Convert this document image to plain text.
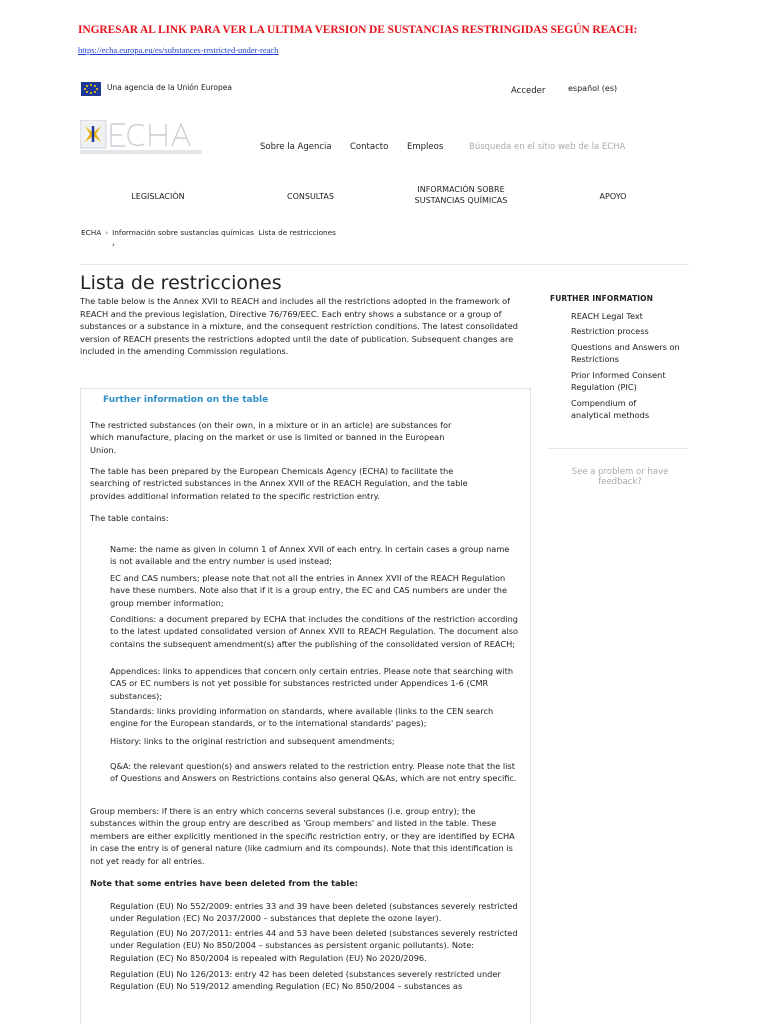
INGRESAR AL LINK PARA VER LA ULTIMA VERSION DE SUSTANCIAS RESTRINGIDAS SEGÚN REACH:
https://echa.europa.eu/es/substances-restricted-under-reach
Una agencia de la Unión Europea	Acceder	español (es)
Sobre la Agencia Contacto Empleos	Búsqueda en el sitio web de la ECHA
LEGISLACIÓN	CONSULTAS
INFORMACIÓN SOBRE SUSTANCIAS QUÍMICAS	APOYO
ECHA › Información sobre sustancias químicas Lista de restricciones
›
Lista de restricciones
The table below is the Annex XVII to REACH and includes all the restrictions adopted in the framework of REACH and the previous legislation, Directive 76/769/EEC. Each entry shows a substance or a group of substances or a substance in a mixture, and the consequent restriction conditions. The latest consolidated version of REACH presents the restrictions adopted until the date of publication. Subsequent changes are included in the amending Commission regulations.
Further information on the table
The restricted substances (on their own, in a mixture or in an article) are substances for which manufacture, placing on the market or use is limited or banned in the European Union.
The table has been prepared by the European Chemicals Agency (ECHA) to facilitate the searching of restricted substances in the Annex XVII of the REACH Regulation, and the table provides additional information related to the specific restriction entry.
The table contains:
Name: the name as given in column 1 of Annex XVII of each entry. In certain cases a group name is not available and the entry number is used instead;
EC and CAS numbers; please note that not all the entries in Annex XVII of the REACH Regulation have these numbers. Note also that if it is a group entry, the EC and CAS numbers are under the group member information;
Conditions: a document prepared by ECHA that includes the conditions of the restriction according to the latest updated consolidated version of Annex XVII to REACH Regulation. The document also contains the subsequent amendment(s) after the publishing of the consolidated version of REACH;
Appendices: links to appendices that concern only certain entries. Please note that searching with CAS or EC numbers is not yet possible for substances restricted under Appendices 1-6 (CMR substances);
Standards: links providing information on standards, where available (links to the CEN search engine for the European standards, or to the international standards' pages);
History: links to the original restriction and subsequent amendments;
Q&A: the relevant question(s) and answers related to the restriction entry. Please note that the list of Questions and Answers on Restrictions contains also general Q&As, which are not entry specific.
Group members: if there is an entry which concerns several substances (i.e. group entry); the substances within the group entry are described as 'Group members' and listed in the table. These members are either explicitly mentioned in the specific restriction entry, or they are identified by ECHA in case the entry is of general nature (like cadmium and its compounds). Note that this identification is not yet ready for all entries.
Note that some entries have been deleted from the table:
Regulation (EU) No 552/2009: entries 33 and 39 have been deleted (substances severely restricted under Regulation (EC) No 2037/2000 – substances that deplete the ozone layer).
Regulation (EU) No 207/2011: entries 44 and 53 have been deleted (substances severely restricted under Regulation (EU) No 850/2004 – substances as persistent organic pollutants). Note: Regulation (EC) No 850/2004 is repealed with Regulation (EU) No 2020/2096.
Regulation (EU) No 126/2013: entry 42 has been deleted (substances severely restricted under Regulation (EU) No 519/2012 amending Regulation (EC) No 850/2004 – substances as
FURTHER INFORMATION
REACH Legal Text
Restriction process
Questions and Answers on Restrictions
Prior Informed Consent Regulation (PIC)
Compendium of analytical methods
See a problem or have feedback?
